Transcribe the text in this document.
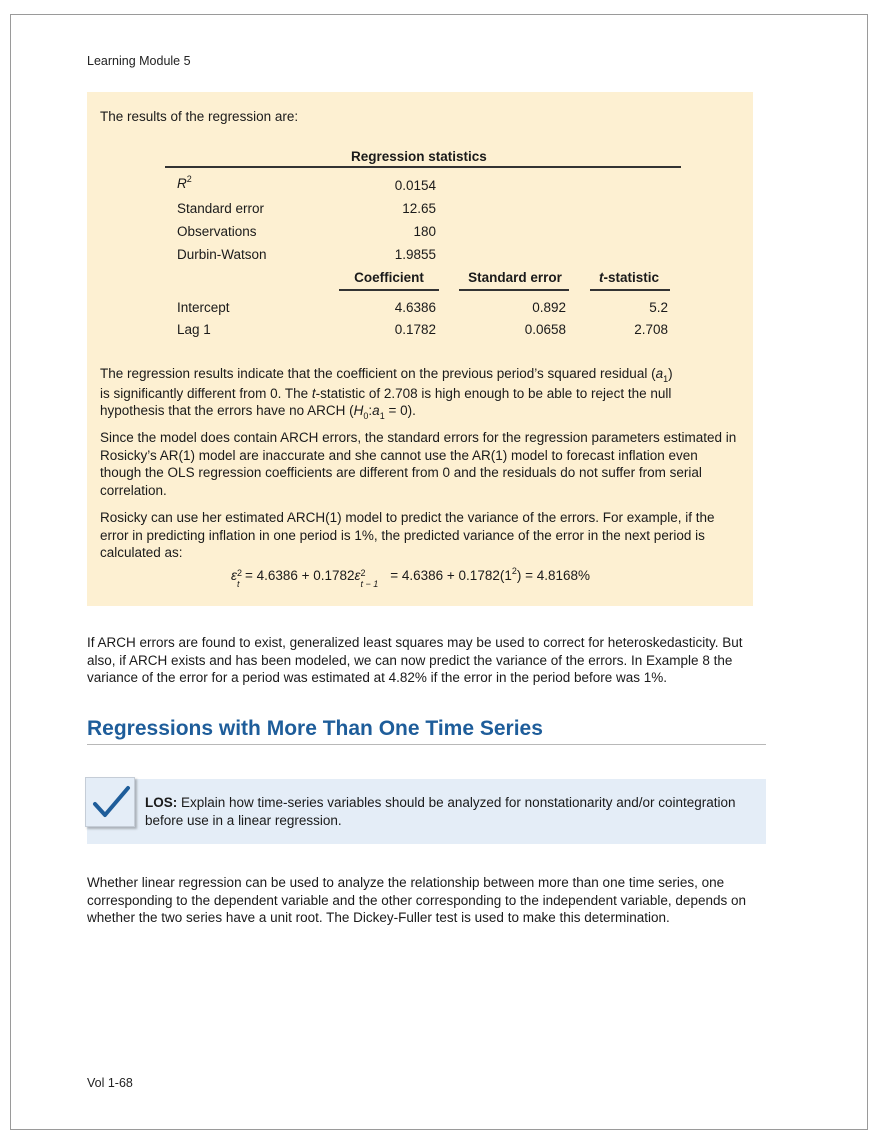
Learning Module 5
The results of the regression are:
Regression statistics
$R^2$	0.0154
Standard error	12.65
Observations	180
Durbin-Watson	1.9855
Coefficient	Standard error	t-statistic
Intercept	4.6386	0.892	5.2
Lag 1	0.1782	0.0658	2.708
The regression results indicate that the coefficient on the previous period’s squared residual $(a_1)$
is significantly different from 0. The t-statistic of 2.708 is high enough to be able to reject the null
hypothesis that the errors have no ARCH $(H_0:a_1 = 0)$.
Since the model does contain ARCH errors, the standard errors for the regression parameters estimated in Rosicky’s AR(1) model are inaccurate and she cannot use the AR(1) model to forecast inflation even though the OLS regression coefficients are different from 0 and the residuals do not suffer from serial correlation.
Rosicky can use her estimated ARCH(1) model to predict the variance of the errors. For example, if the error in predicting inflation in one period is 1%, the predicted variance of the error in the next period is calculated as:
ε 2
t
= 4.6386 + 0.1782ε 2
t − 1
= $4.6386 + 0.1782(1^2) = 4.8168\%$
If ARCH errors are found to exist, generalized least squares may be used to correct for heteroskedasticity. But also, if ARCH exists and has been modeled, we can now predict the variance of the errors. In Example 8 the variance of the error for a period was estimated at 4.82% if the error in the period before was 1%.
Regressions with More Than One Time Series
LOS: Explain how time-series variables should be analyzed for nonstationarity and/or cointegration before use in a linear regression.
Whether linear regression can be used to analyze the relationship between more than one time series, one corresponding to the dependent variable and the other corresponding to the independent variable, depends on whether the two series have a unit root. The Dickey-Fuller test is used to make this determination.
Vol 1-68
